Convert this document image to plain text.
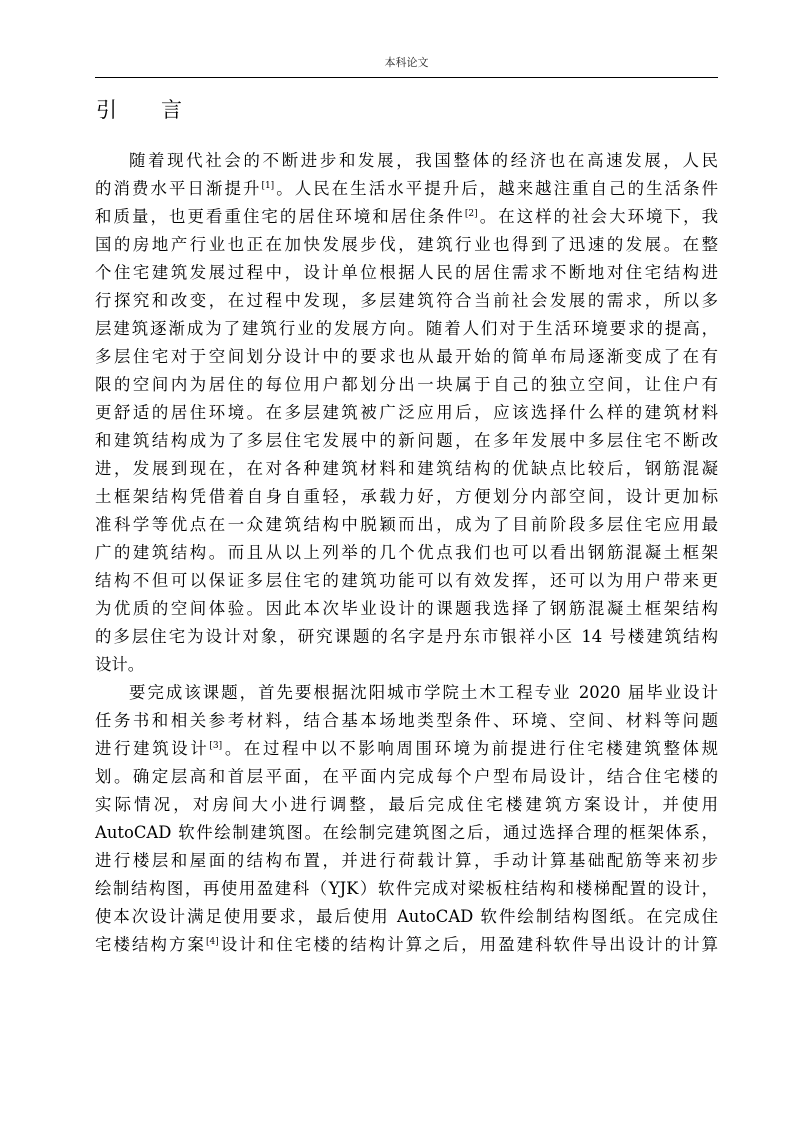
本科论文
引 言

随着现代社会的不断进步和发展，我国整体的经济也在高速发展，人民
的消费水平日渐提升[1]。人民在生活水平提升后，越来越注重自己的生活条件
和质量，也更看重住宅的居住环境和居住条件[2]。在这样的社会大环境下，我
国的房地产行业也正在加快发展步伐，建筑行业也得到了迅速的发展。在整
个住宅建筑发展过程中，设计单位根据人民的居住需求不断地对住宅结构进
行探究和改变，在过程中发现，多层建筑符合当前社会发展的需求，所以多
层建筑逐渐成为了建筑行业的发展方向。随着人们对于生活环境要求的提高，
多层住宅对于空间划分设计中的要求也从最开始的简单布局逐渐变成了在有
限的空间内为居住的每位用户都划分出一块属于自己的独立空间，让住户有
更舒适的居住环境。在多层建筑被广泛应用后，应该选择什么样的建筑材料
和建筑结构成为了多层住宅发展中的新问题，在多年发展中多层住宅不断改
进，发展到现在，在对各种建筑材料和建筑结构的优缺点比较后，钢筋混凝
土框架结构凭借着自身自重轻，承载力好，方便划分内部空间，设计更加标
准科学等优点在一众建筑结构中脱颖而出，成为了目前阶段多层住宅应用最
广的建筑结构。而且从以上列举的几个优点我们也可以看出钢筋混凝土框架
结构不但可以保证多层住宅的建筑功能可以有效发挥，还可以为用户带来更
为优质的空间体验。因此本次毕业设计的课题我选择了钢筋混凝土框架结构
的多层住宅为设计对象，研究课题的名字是丹东市银祥小区 14 号楼建筑结构
设计。

要完成该课题，首先要根据沈阳城市学院土木工程专业 2020 届毕业设计
任务书和相关参考材料，结合基本场地类型条件、环境、空间、材料等问题
进行建筑设计[3]。在过程中以不影响周围环境为前提进行住宅楼建筑整体规
划。确定层高和首层平面，在平面内完成每个户型布局设计，结合住宅楼的
实际情况，对房间大小进行调整，最后完成住宅楼建筑方案设计，并使用
AutoCAD 软件绘制建筑图。在绘制完建筑图之后，通过选择合理的框架体系，
进行楼层和屋面的结构布置，并进行荷载计算，手动计算基础配筋等来初步
绘制结构图，再使用盈建科（YJK）软件完成对梁板柱结构和楼梯配置的设计，
使本次设计满足使用要求，最后使用 AutoCAD 软件绘制结构图纸。在完成住
宅楼结构方案[4]设计和住宅楼的结构计算之后，用盈建科软件导出设计的计算
